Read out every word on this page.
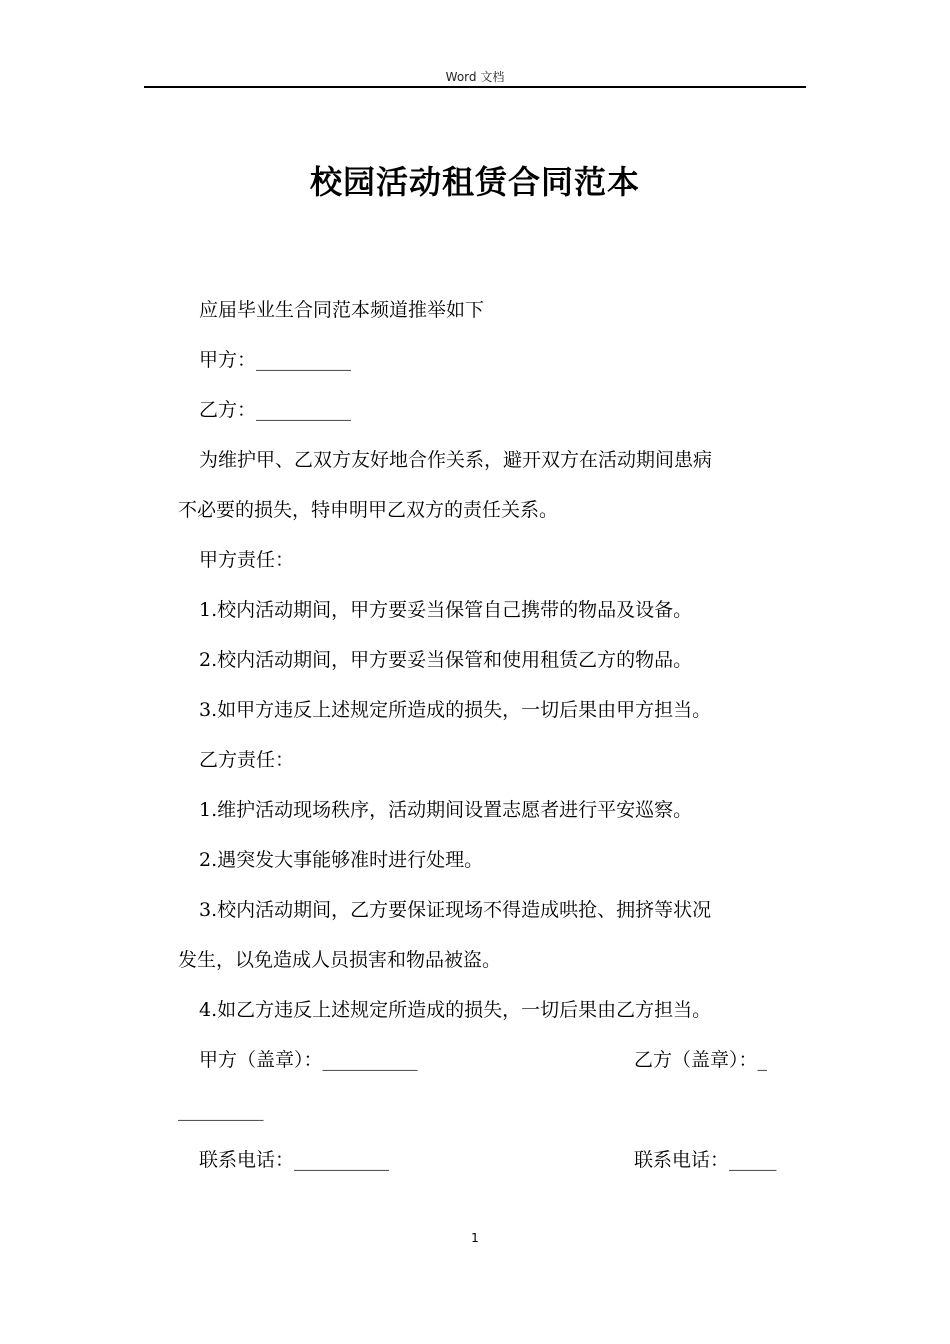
Word 文档
校园活动租赁合同范本
应届毕业生合同范本频道推举如下
甲方：__________
乙方：__________
为维护甲、乙双方友好地合作关系，避开双方在活动期间患病
不必要的损失，特申明甲乙双方的责任关系。
甲方责任：
1.校内活动期间，甲方要妥当保管自己携带的物品及设备。
2.校内活动期间，甲方要妥当保管和使用租赁乙方的物品。
3.如甲方违反上述规定所造成的损失，一切后果由甲方担当。
乙方责任：
1.维护活动现场秩序，活动期间设置志愿者进行平安巡察。
2.遇突发大事能够准时进行处理。
3.校内活动期间，乙方要保证现场不得造成哄抢、拥挤等状况
发生，以免造成人员损害和物品被盗。
4.如乙方违反上述规定所造成的损失，一切后果由乙方担当。
甲方（盖章）：__________	乙方（盖章）：_
_________
联系电话：__________	联系电话：_____
1
